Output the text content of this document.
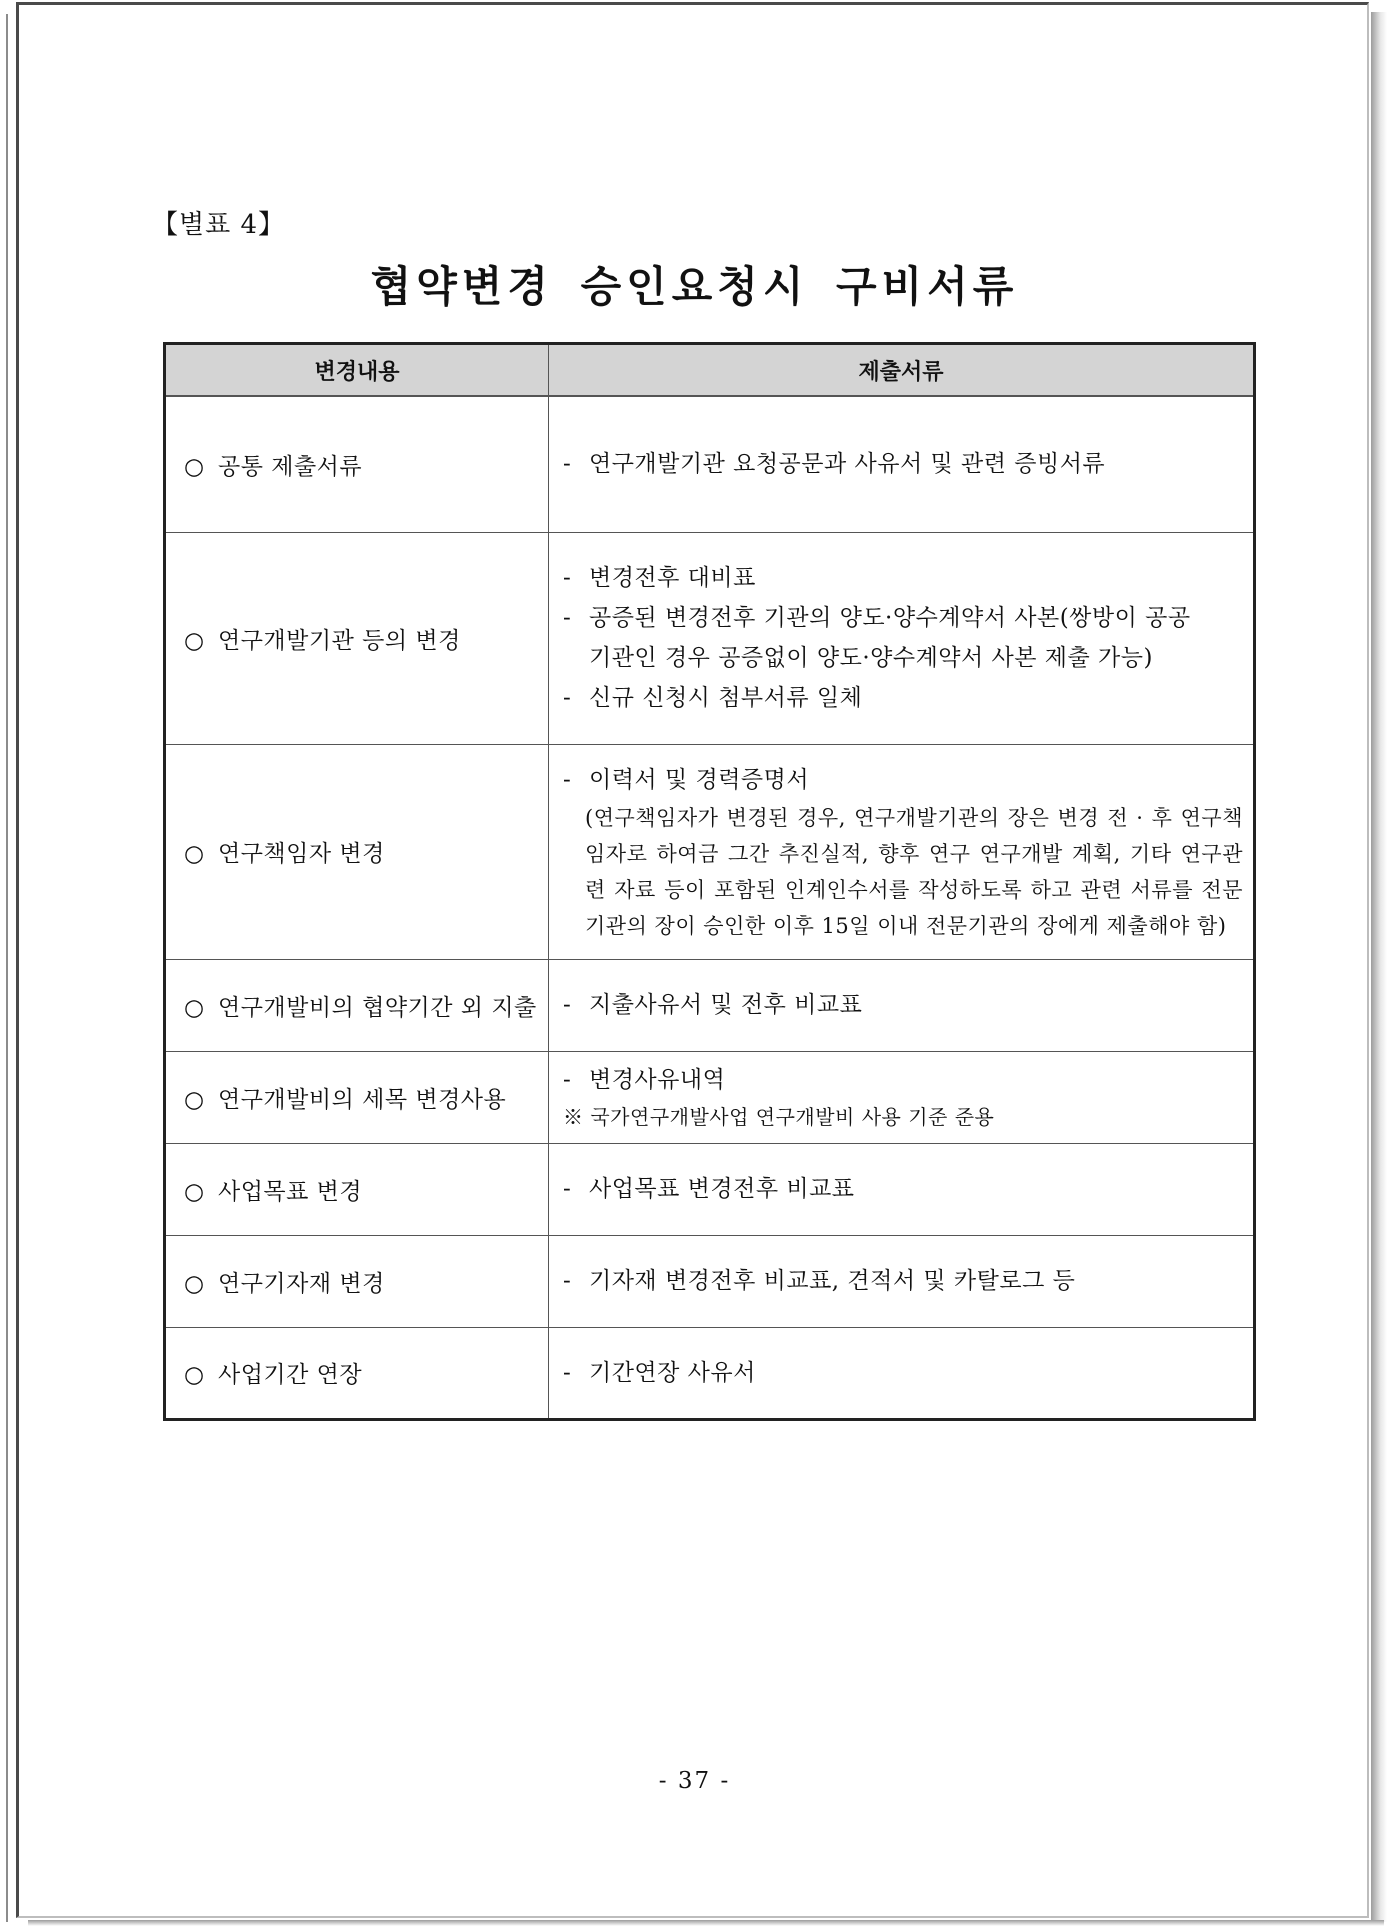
【별표 4】
협약변경 승인요청시 구비서류
변경내용	제출서류
○ 공통 제출서류	- 연구개발기관 요청공문과 사유서 및 관련 증빙서류

○ 연구개발기관 등의 변경	- 변경전후 대비표
- 공증된 변경전후 기관의 양도·양수계약서 사본(쌍방이 공공
기관인 경우 공증없이 양도·양수계약서 사본 제출 가능)
- 신규 신청시 첨부서류 일체

○ 연구책임자 변경	- 이력서 및 경력증명서
(연구책임자가 변경된 경우, 연구개발기관의 장은 변경 전 · 후 연구책임자로 하여금 그간 추진실적, 향후 연구 연구개발 계획, 기타 연구관련 자료 등이 포함된 인계인수서를 작성하도록 하고 관련 서류를 전문기관의 장이 승인한 이후 15일 이내 전문기관의 장에게 제출해야 함)

○ 연구개발비의 협약기간 외 지출	- 지출사유서 및 전후 비교표

○ 연구개발비의 세목 변경사용	- 변경사유내역
※ 국가연구개발사업 연구개발비 사용 기준 준용

○ 사업목표 변경	- 사업목표 변경전후 비교표

○ 연구기자재 변경	- 기자재 변경전후 비교표, 견적서 및 카탈로그 등

○ 사업기간 연장	- 기간연장 사유서
- 37 -
